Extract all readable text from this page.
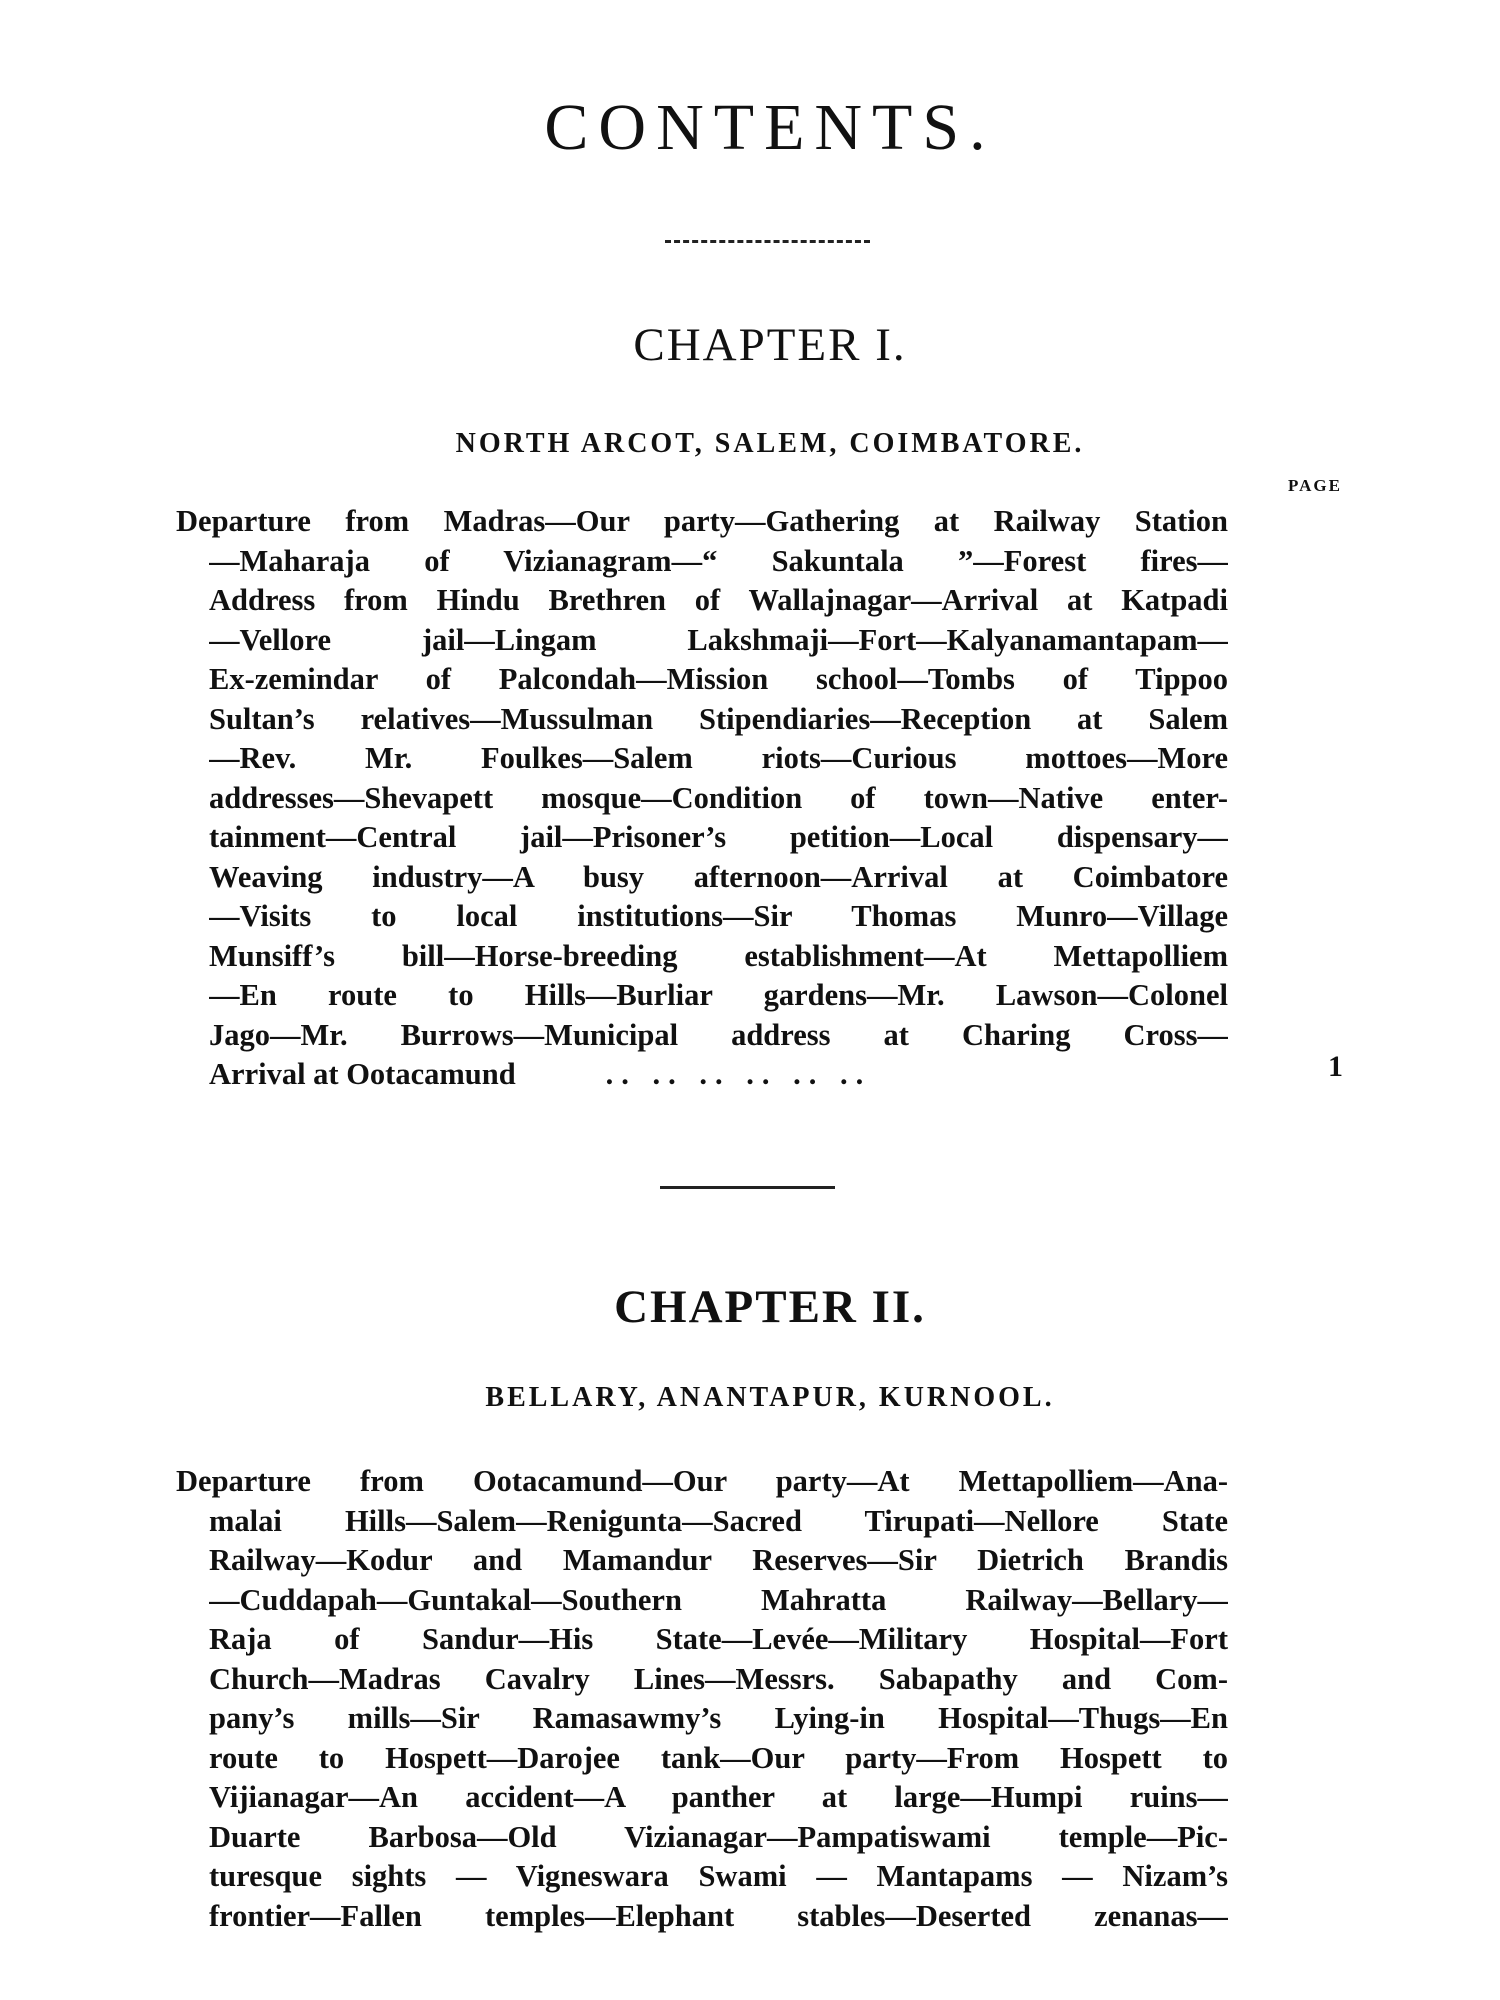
CONTENTS.
CHAPTER I.
NORTH ARCOT, SALEM, COIMBATORE.
PAGE
Departure from Madras—Our party—Gathering at Railway Station
—Maharaja of Vizianagram—“ Sakuntala ”—Forest fires—
Address from Hindu Brethren of Wallajnagar—Arrival at Katpadi
—Vellore jail—Lingam Lakshmaji—Fort—Kalyanamantapam—
Ex-zemindar of Palcondah—Mission school—Tombs of Tippoo
Sultan’s relatives—Mussulman Stipendiaries—Reception at Salem
—Rev. Mr. Foulkes—Salem riots—Curious mottoes—More
addresses—Shevapett mosque—Condition of town—Native enter-
tainment—Central jail—Prisoner’s petition—Local dispensary—
Weaving industry—A busy afternoon—Arrival at Coimbatore
—Visits to local institutions—Sir Thomas Munro—Village
Munsiff’s bill—Horse-breeding establishment—At Mettapolliem
—En route to Hills—Burliar gardens—Mr. Lawson—Colonel
Jago—Mr. Burrows—Municipal address at Charing Cross—
Arrival at Ootacamund	.. .. .. .. .. ..	1
CHAPTER II.
BELLARY, ANANTAPUR, KURNOOL.
Departure from Ootacamund—Our party—At Mettapolliem—Ana-
malai Hills—Salem—Renigunta—Sacred Tirupati—Nellore State
Railway—Kodur and Mamandur Reserves—Sir Dietrich Brandis
—Cuddapah—Guntakal—Southern Mahratta Railway—Bellary—
Raja of Sandur—His State—Levée—Military Hospital—Fort
Church—Madras Cavalry Lines—Messrs. Sabapathy and Com-
pany’s mills—Sir Ramasawmy’s Lying-in Hospital—Thugs—En
route to Hospett—Darojee tank—Our party—From Hospett to
Vijianagar—An accident—A panther at large—Humpi ruins—
Duarte Barbosa—Old Vizianagar—Pampatiswami temple—Pic-
turesque sights — Vigneswara Swami — Mantapams — Nizam’s
frontier—Fallen temples—Elephant stables—Deserted zenanas—
